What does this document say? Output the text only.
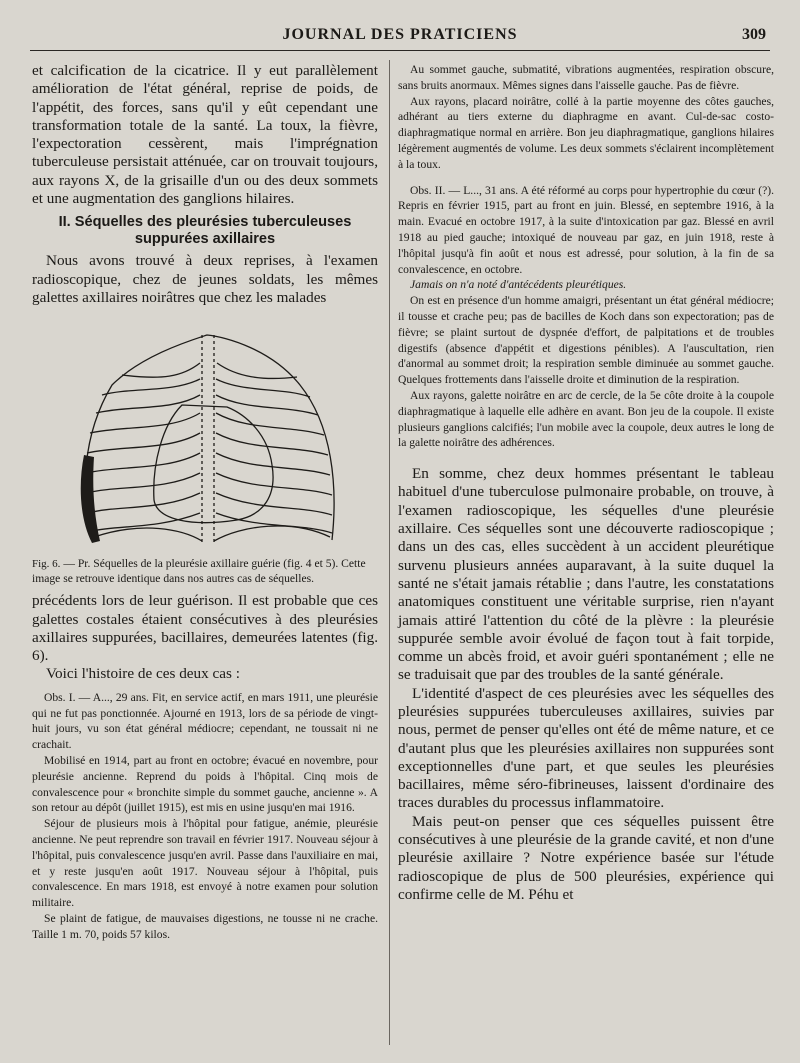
JOURNAL DES PRATICIENS	309

et calcification de la cicatrice. Il y eut parallèlement amélioration de l'état général, reprise de poids, de l'appétit, des forces, sans qu'il y eût cependant une transformation totale de la santé. La toux, la fièvre, l'expectoration cessèrent, mais l'imprégnation tuberculeuse persistait atténuée, car on trouvait toujours, aux rayons X, de la grisaille d'un ou des deux sommets et une augmentation des ganglions hilaires.

II. Séquelles des pleurésies tuberculeuses suppurées axillaires

Nous avons trouvé à deux reprises, à l'examen radioscopique, chez de jeunes soldats, les mêmes galettes axillaires noirâtres que chez les malades

Fig. 6. — Pr. Séquelles de la pleurésie axillaire guérie (fig. 4 et 5). Cette image se retrouve identique dans nos autres cas de séquelles.

précédents lors de leur guérison. Il est probable que ces galettes costales étaient consécutives à des pleurésies axillaires suppurées, bacillaires, demeurées latentes (fig. 6).

Voici l'histoire de ces deux cas :

Obs. I. — A..., 29 ans. Fit, en service actif, en mars 1911, une pleurésie qui ne fut pas ponctionnée. Ajourné en 1913, lors de sa période de vingt-huit jours, vu son état général médiocre; cependant, ne toussait ni ne crachait.

Mobilisé en 1914, part au front en octobre; évacué en novembre, pour pleurésie ancienne. Reprend du poids à l'hôpital. Cinq mois de convalescence pour « bronchite simple du sommet gauche, ancienne ». A son retour au dépôt (juillet 1915), est mis en usine jusqu'en mai 1916.

Séjour de plusieurs mois à l'hôpital pour fatigue, anémie, pleurésie ancienne. Ne peut reprendre son travail en février 1917. Nouveau séjour à l'hôpital, puis convalescence jusqu'en avril. Passe dans l'auxiliaire en mai, et y reste jusqu'en août 1917. Nouveau séjour à l'hôpital, puis convalescence. En mars 1918, est envoyé à notre examen pour solution militaire.

Se plaint de fatigue, de mauvaises digestions, ne tousse ni ne crache. Taille 1 m. 70, poids 57 kilos.

Au sommet gauche, submatité, vibrations augmentées, respiration obscure, sans bruits anormaux. Mêmes signes dans l'aisselle gauche. Pas de fièvre.

Aux rayons, placard noirâtre, collé à la partie moyenne des côtes gauches, adhérant au tiers externe du diaphragme en avant. Cul-de-sac costo-diaphragmatique normal en arrière. Bon jeu diaphragmatique, ganglions hilaires légèrement augmentés de volume. Les deux sommets s'éclairent incomplètement à la toux.

Obs. II. — L..., 31 ans. A été réformé au corps pour hypertrophie du cœur (?). Repris en février 1915, part au front en juin. Blessé, en septembre 1916, à la main. Evacué en octobre 1917, à la suite d'intoxication par gaz. Blessé en avril 1918 au pied gauche; intoxiqué de nouveau par gaz, en juin 1918, reste à l'hôpital jusqu'à fin août et nous est adressé, pour solution, à la fin de sa convalescence, en octobre.

Jamais on n'a noté d'antécédents pleurétiques.

On est en présence d'un homme amaigri, présentant un état général médiocre; il tousse et crache peu; pas de bacilles de Koch dans son expectoration; pas de fièvre; se plaint surtout de dyspnée d'effort, de palpitations et de troubles digestifs (absence d'appétit et digestions pénibles). A l'auscultation, rien d'anormal au sommet droit; la respiration semble diminuée au sommet gauche. Quelques frottements dans l'aisselle droite et diminution de la respiration.

Aux rayons, galette noirâtre en arc de cercle, de la 5e côte droite à la coupole diaphragmatique à laquelle elle adhère en avant. Bon jeu de la coupole. Il existe plusieurs ganglions calcifiés; l'un mobile avec la coupole, deux autres le long de la galette noirâtre des adhérences.

En somme, chez deux hommes présentant le tableau habituel d'une tuberculose pulmonaire probable, on trouve, à l'examen radioscopique, les séquelles d'une pleurésie axillaire. Ces séquelles sont une découverte radioscopique ; dans un des cas, elles succèdent à un accident pleurétique survenu plusieurs années auparavant, à la suite duquel la santé ne s'était jamais rétablie ; dans l'autre, les constatations anatomiques constituent une véritable surprise, rien n'ayant jamais attiré l'attention du côté de la plèvre : la pleurésie suppurée semble avoir évolué de façon tout à fait torpide, comme un abcès froid, et avoir guéri spontanément ; elle ne se traduisait que par des troubles de la santé générale.

L'identité d'aspect de ces pleurésies avec les séquelles des pleurésies suppurées tuberculeuses axillaires, suivies par nous, permet de penser qu'elles ont été de même nature, et ce d'autant plus que les pleurésies axillaires non suppurées sont exceptionnelles d'une part, et que seules les pleurésies bacillaires, même séro-fibrineuses, laissent d'ordinaire des traces durables du processus inflammatoire.

Mais peut-on penser que ces séquelles puissent être consécutives à une pleurésie de la grande cavité, et non d'une pleurésie axillaire ? Notre expérience basée sur l'étude radioscopique de plus de 500 pleurésies, expérience qui confirme celle de M. Péhu et
